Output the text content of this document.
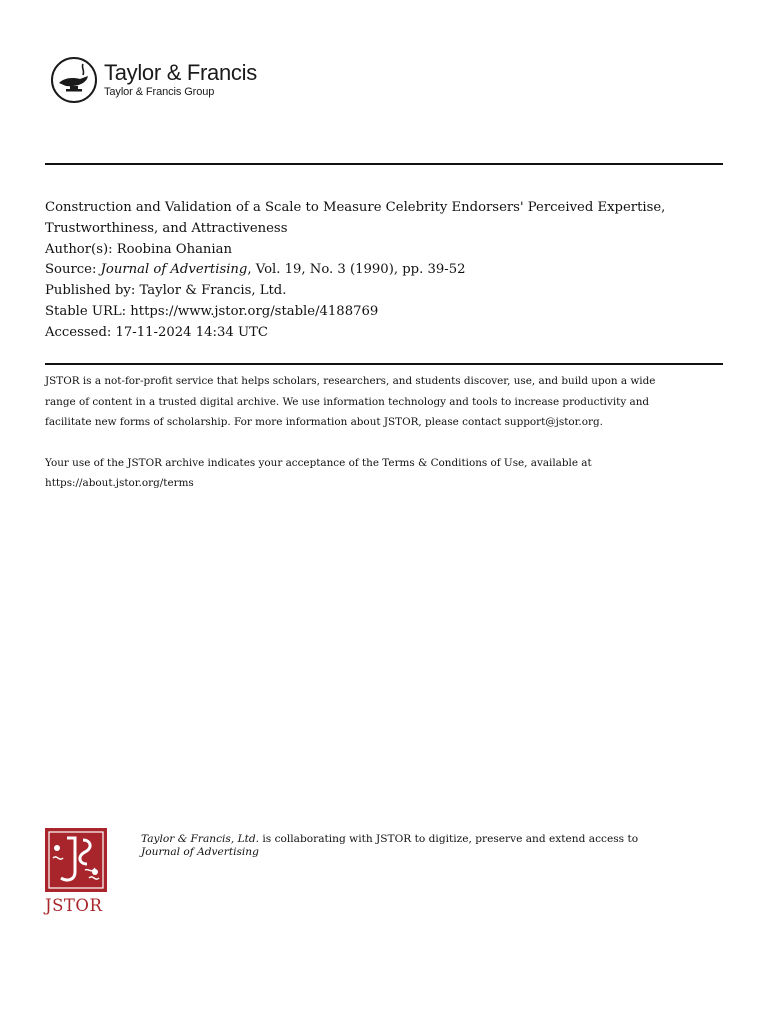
Taylor & Francis
Taylor & Francis Group
Construction and Validation of a Scale to Measure Celebrity Endorsers' Perceived Expertise,
Trustworthiness, and Attractiveness
Author(s): Roobina Ohanian
Source: Journal of Advertising, Vol. 19, No. 3 (1990), pp. 39-52
Published by: Taylor & Francis, Ltd.
Stable URL: https://www.jstor.org/stable/4188769
Accessed: 17-11-2024 14:34 UTC

JSTOR is a not-for-profit service that helps scholars, researchers, and students discover, use, and build upon a wide
range of content in a trusted digital archive. We use information technology and tools to increase productivity and
facilitate new forms of scholarship. For more information about JSTOR, please contact support@jstor.org.

Your use of the JSTOR archive indicates your acceptance of the Terms & Conditions of Use, available at
https://about.jstor.org/terms

JSTOR
Taylor & Francis, Ltd. is collaborating with JSTOR to digitize, preserve and extend access to
Journal of Advertising
